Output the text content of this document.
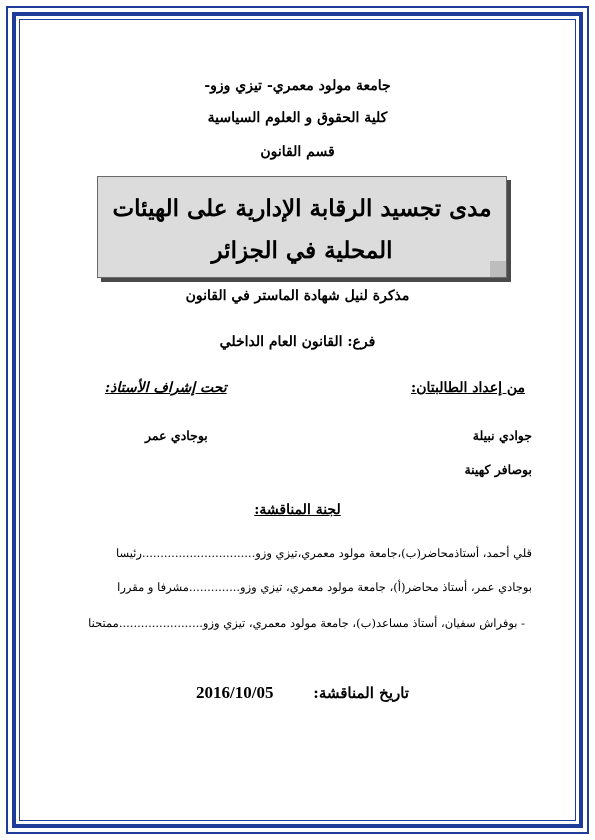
جامعة مولود معمري- تيزي وزو-
كلية الحقوق و العلوم السياسية
قسم القانون
مدى تجسيد الرقابة الإدارية على الهيئات
المحلية في الجزائر
مذكرة لنيل شهادة الماستر في القانون
فرع: القانون العام الداخلي
من إعداد الطالبتان:
تحت إشراف الأستاذ:
جوادي نبيلة
بوجادي عمر
بوصافر كهينة
لجنة المناقشة:
قلي أحمد، أستاذمحاضر(ب)،جامعة مولود معمري،تيزي وزو...............................رئيسا
بوجادي عمر، أستاذ محاضر(أ)، جامعة مولود معمري، تيزي وزو..............مشرفا و مقررا
- بوفراش سفيان، أستاذ مساعد(ب)، جامعة مولود معمري، تيزي وزو.......................ممتحنا
تاريخ المناقشة:
2016/10/05
